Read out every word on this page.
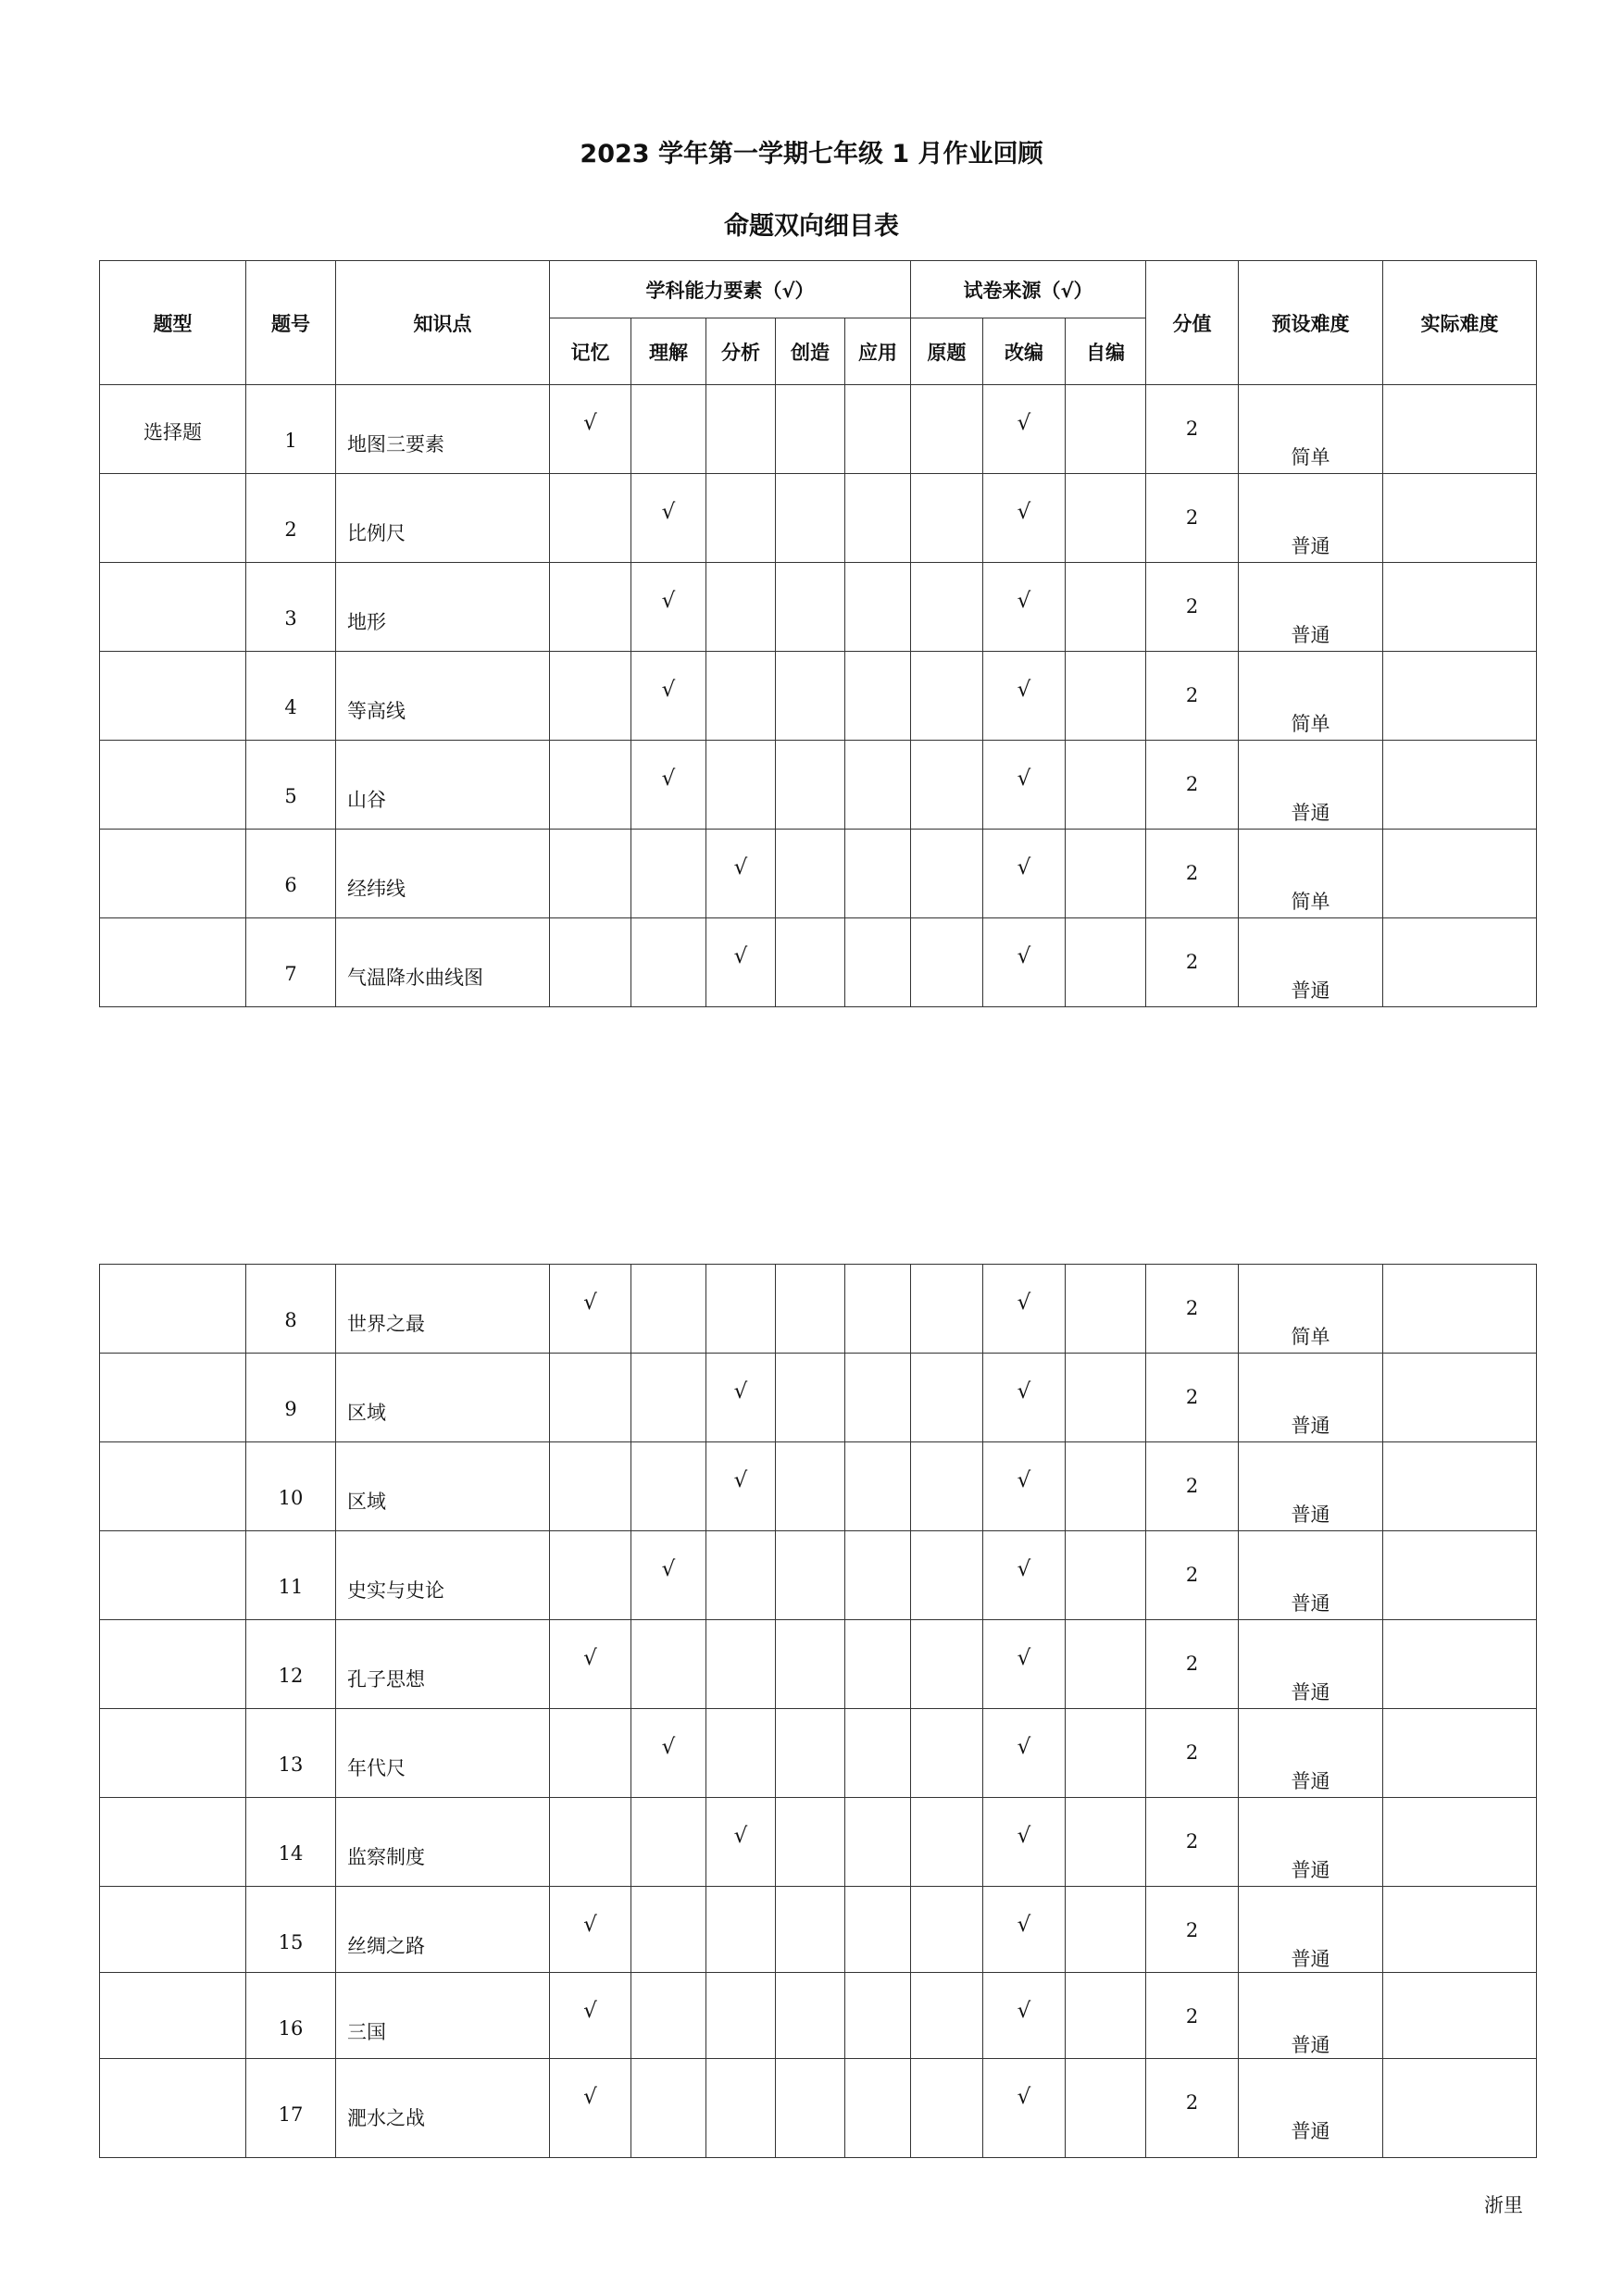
2023 学年第一学期七年级 1 月作业回顾
命题双向细目表
题型	题号	知识点	学科能力要素（√）					试卷来源（√）			分值	预设难度	实际难度
			记忆	理解	分析	创造	应用	原题	改编	自编			
选择题	1	地图三要素	√						√		2	简单	
	2	比例尺		√					√		2	普通	
	3	地形		√					√		2	普通	
	4	等高线		√					√		2	简单	
	5	山谷		√					√		2	普通	
	6	经纬线			√				√		2	简单	
	7	气温降水曲线图			√				√		2	普通	
	8	世界之最	√						√		2	简单	
	9	区域			√				√		2	普通	
	10	区域			√				√		2	普通	
	11	史实与史论		√					√		2	普通	
	12	孔子思想	√						√		2	普通	
	13	年代尺		√					√		2	普通	
	14	监察制度			√				√		2	普通	
	15	丝绸之路	√						√		2	普通	
	16	三国	√						√		2	普通	
	17	淝水之战	√						√		2	普通	
浙里
